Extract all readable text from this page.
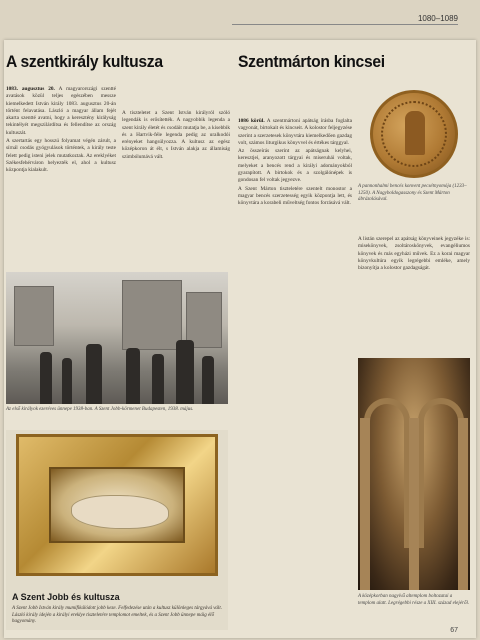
1080–1089
A szentkirály kultusza	Szentmárton kincsei

1083. augusztus 20. A magyarországi szentté avatások közül teljes egészében messze kiemelkedett István király 1083. augusztus 20-án történt felavatása. László a magyar állam fejét akarta szentté avatni, hogy a keresztény királyság tekintélyét megszilárdítsa és fellendítse az ország kultuszát.

A szertartás egy hosszú folyamat végén zárult, a sírnál csodás gyógyulások történtek, a király teste felett pedig isteni jelek mutatkoztak. Az ereklyéket Székesfehérváron helyezték el, ahol a kultusz központja kialakult.

A tiszteletet a Szent István királyról szóló legendák is erősítették. A nagyobbik legenda a szent király életét és csodáit mutatja be, a kisebbik és a Hartvik-féle legenda pedig az uralkodói erényeket hangsúlyozza. A kultusz az egész középkoron át élt, s István alakja az államiság szimbólumává vált.

Az első királyok ezeréves ünnepe 1938-ban. A Szent Jobb-körmenet Budapesten, 1938. május.
A Szent Jobb és kultusza
A Szent Jobb István király mumifikálódott jobb keze. Felfedezése után a kultusz különleges tárgyává vált. László király idején a királyi ereklye tiszteletére templomot emeltek, és a Szent Jobb ünnepe máig élő hagyomány.

1086 körül. A szentmártoni apátság írásba foglalta vagyonát, birtokait és kincseit. A kolostor feljegyzése szerint a szerzetesek könyvtára kiemelkedően gazdag volt, számos liturgikus könyvvel és értékes tárggyal.

Az összeírás szerint az apátságnak kelyhei, keresztjei, aranyozott tárgyai és miseruhái voltak, melyeket a bencés rend a királyi adományokból gyarapított. A birtokok és a szolgálónépek is gondosan fel voltak jegyezve.

A Szent Márton tiszteletére szentelt monostor a magyar bencés szerzetesség egyik központja lett, és könyvtára a korabeli műveltség fontos forrásává vált.

A pannonhalmi bencés konvent pecsétnyomója (1233–1250). A Nagyboldogasszony és Szent Márton ábrázolásával.

A listán szerepel az apátság könyveinek jegyzéke is: misekönyvek, zsoltároskönyvek, evangéliumos könyvek és más egyházi művek. Ez a korai magyar könyvkultúra egyik legrégebbi emléke, amely bizonyítja a kolostor gazdagságát.

A középkorban nagyívű altemplom boltozatai a templom alatt. Legrégebbi része a XIII. század elejéről.
67
